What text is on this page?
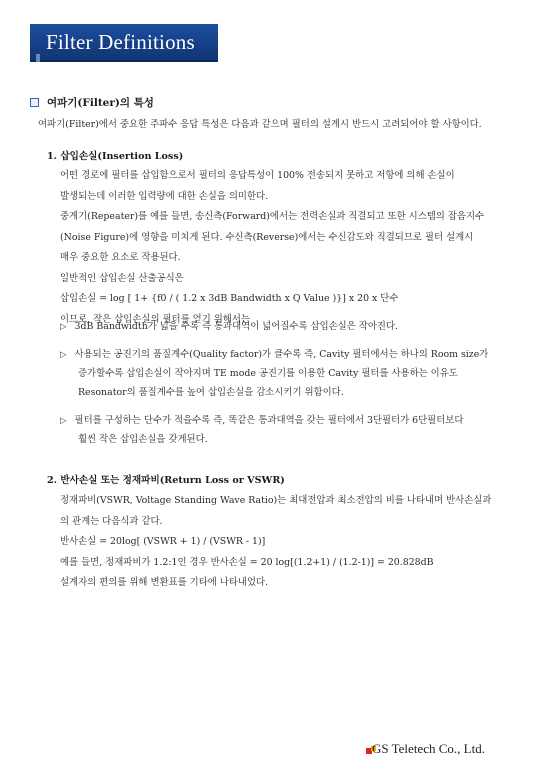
Filter Definitions
여파기(Filter)의 특성
여파기(Filter)에서 중요한 주파수 응답 특성은 다음과 같으며 필터의 설계시 반드시 고려되어야 할 사항이다.
1. 삽입손실(Insertion Loss)
어떤 경로에 필터를 삽입함으로서 필터의 응답특성이 100% 전송되지 못하고 저항에 의해 손실이
발생되는데 이러한 입력량에 대한 손실을 의미한다.
중계기(Repeater)를 예를 들면, 송신측(Forward)에서는 전력손실과 직결되고 또한 시스템의 잡음지수
(Noise Figure)에 영향을 미치게 된다. 수신측(Reverse)에서는 수신감도와 직결되므로 필터 설계시
매우 중요한 요소로 작용된다.
일반적인 삽입손실 산출공식은
삽입손실 = log [ 1+ {f0 / ( 1.2 x 3dB Bandwidth x Q Value )}] x 20 x 단수
이므로, 작은 삽입손실의 필터를 얻기 위해서는
▷ 3dB Bandwidth가 넓을 수록 즉 통과대역이 넓어질수록 삽입손실은 작아진다.
▷ 사용되는 공진기의 품질계수(Quality factor)가 클수록 즉, Cavity 필터에서는 하나의 Room size가
증가할수록 삽입손실이 작아지며 TE mode 공진기를 이용한 Cavity 필터를 사용하는 이유도
Resonator의 품질계수를 높여 삽입손실을 감소시키기 위함이다.
▷ 필터를 구성하는 단수가 적을수록 즉, 똑같은 통과대역을 갖는 필터에서 3단필터가 6단필터보다
훨씬 작은 삽입손실을 갖게된다.
2. 반사손실 또는 정재파비(Return Loss or VSWR)
정재파비(VSWR, Voltage Standing Wave Ratio)는 최대전압과 최소전압의 비를 나타내며 반사손실과
의 관계는 다음식과 같다.
반사손실 = 20log[ (VSWR + 1) / (VSWR - 1)]
예를 들면, 정재파비가 1.2:1인 경우 반사손실 = 20 log[(1.2+1) / (1.2-1)] = 20.828dB
설계자의 편의를 위해 변환표를 기타에 나타내었다.
GS Teletech Co., Ltd.
